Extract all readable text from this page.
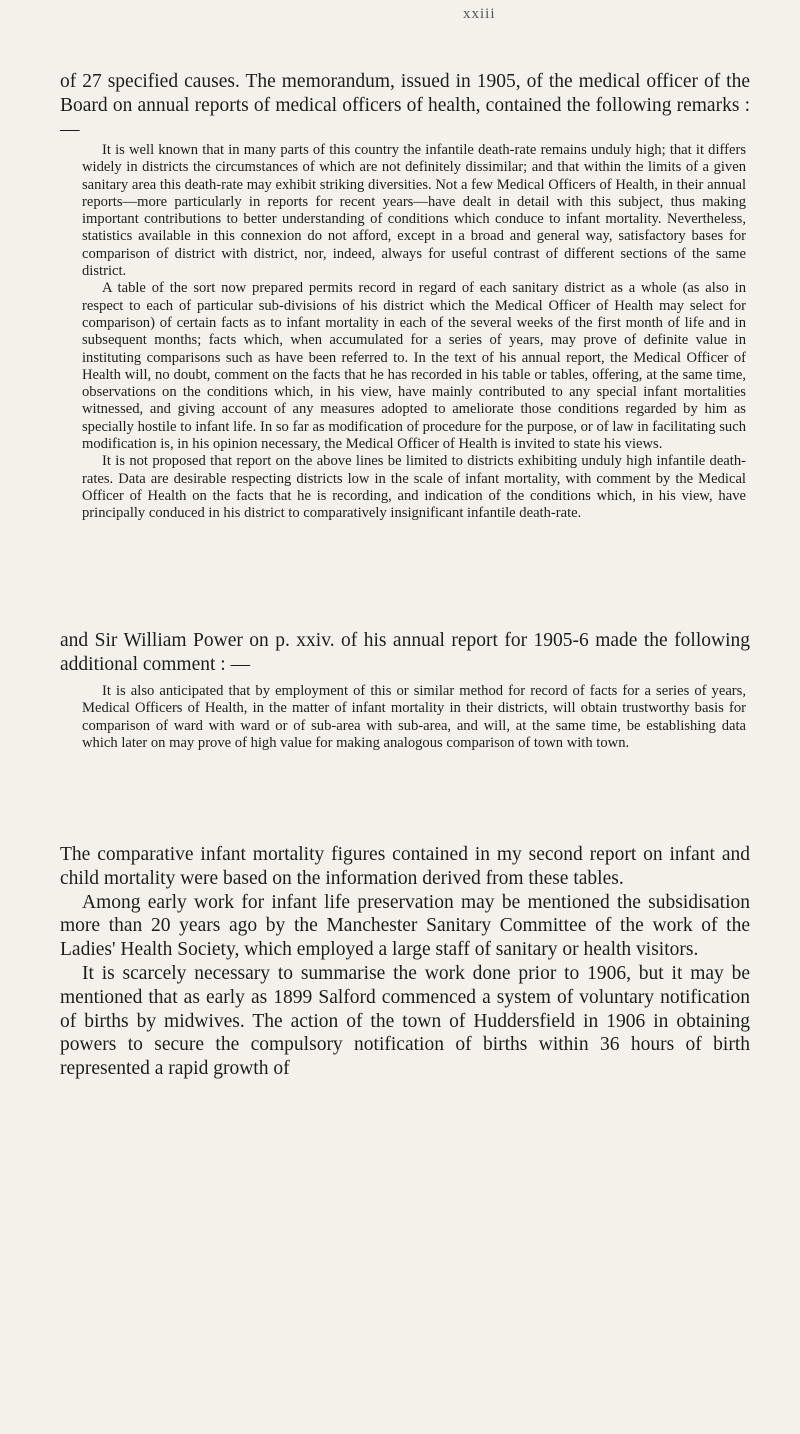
xxiii

of 27 specified causes. The memorandum, issued in 1905, of the medical officer of the Board on annual reports of medical officers of health, contained the following remarks : —

It is well known that in many parts of this country the infantile death-rate remains unduly high; that it differs widely in districts the circumstances of which are not definitely dissimilar; and that within the limits of a given sanitary area this death-rate may exhibit striking diversities. Not a few Medical Officers of Health, in their annual reports—more particularly in reports for recent years—have dealt in detail with this subject, thus making important contributions to better understanding of conditions which conduce to infant mortality. Nevertheless, statistics available in this connexion do not afford, except in a broad and general way, satisfactory bases for comparison of district with district, nor, indeed, always for useful contrast of different sections of the same district.

A table of the sort now prepared permits record in regard of each sanitary district as a whole (as also in respect to each of particular sub-divisions of his district which the Medical Officer of Health may select for comparison) of certain facts as to infant mortality in each of the several weeks of the first month of life and in subsequent months; facts which, when accumulated for a series of years, may prove of definite value in instituting comparisons such as have been referred to. In the text of his annual report, the Medical Officer of Health will, no doubt, comment on the facts that he has recorded in his table or tables, offering, at the same time, observations on the conditions which, in his view, have mainly contributed to any special infant mortalities witnessed, and giving account of any measures adopted to ameliorate those conditions regarded by him as specially hostile to infant life. In so far as modification of procedure for the purpose, or of law in facilitating such modification is, in his opinion necessary, the Medical Officer of Health is invited to state his views.

It is not proposed that report on the above lines be limited to districts exhibiting unduly high infantile death-rates. Data are desirable respecting districts low in the scale of infant mortality, with comment by the Medical Officer of Health on the facts that he is recording, and indication of the conditions which, in his view, have principally conduced in his district to comparatively insignificant infantile death-rate.

and Sir William Power on p. xxiv. of his annual report for 1905-6 made the following additional comment : —

It is also anticipated that by employment of this or similar method for record of facts for a series of years, Medical Officers of Health, in the matter of infant mortality in their districts, will obtain trustworthy basis for comparison of ward with ward or of sub-area with sub-area, and will, at the same time, be establishing data which later on may prove of high value for making analogous comparison of town with town.

The comparative infant mortality figures contained in my second report on infant and child mortality were based on the information derived from these tables.

Among early work for infant life preservation may be mentioned the subsidisation more than 20 years ago by the Manchester Sanitary Committee of the work of the Ladies' Health Society, which employed a large staff of sanitary or health visitors.

It is scarcely necessary to summarise the work done prior to 1906, but it may be mentioned that as early as 1899 Salford commenced a system of voluntary notification of births by midwives. The action of the town of Huddersfield in 1906 in obtaining powers to secure the compulsory notification of births within 36 hours of birth represented a rapid growth of
